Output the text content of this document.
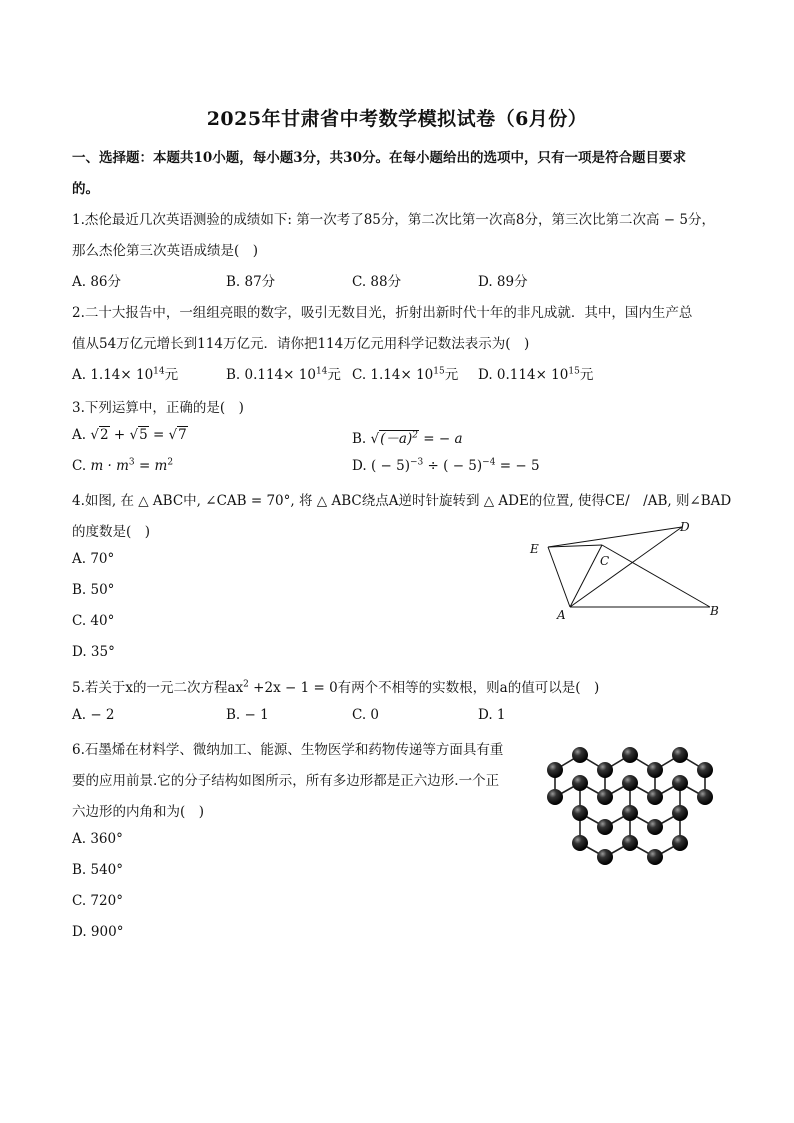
2025年甘肃省中考数学模拟试卷（6月份）
一、选择题：本题共10小题，每小题3分，共30分。在每小题给出的选项中，只有一项是符合题目要求
的。
1.杰伦最近几次英语测验的成绩如下: 第一次考了85分，第二次比第一次高8分，第三次比第二次高 − 5分，
那么杰伦第三次英语成绩是(　)
A. 86分	B. 87分	C. 88分	D. 89分
2.二十大报告中，一组组亮眼的数字，吸引无数目光，折射出新时代十年的非凡成就．其中，国内生产总
值从54万亿元增长到114万亿元．请你把114万亿元用科学记数法表示为(　)
A. $1.14\times 10^{14}$元	B. $0.114\times 10^{14}$元 C. $1.14\times 10^{15}$元 D. $0.114\times 10^{15}$元
3.下列运算中，正确的是(　)
A. √2 + √5 = √7	B. $√(-a)^2$ = − a
C. $m \cdot m^3 = m^2$	D. ( − 5)$^{-3}$ ÷ ( − 5)$^{-4}$ = − 5
4.如图, 在 △ ABC中, ∠CAB = 70°, 将 △ ABC绕点A逆时针旋转到 △ ADE的位置, 使得CE/　/AB, 则∠BAD
的度数是(　)
A. 70°
B. 50°
C. 40°
D. 35°
E
D
C
A	B
5.若关于x的一元二次方程$ax^2 +2x - 1 = 0$有两个不相等的实数根，则a的值可以是(　)
A. − 2	B. − 1	C. 0	D. 1
6.石墨烯在材料学、微纳加工、能源、生物医学和药物传递等方面具有重
要的应用前景.它的分子结构如图所示，所有多边形都是正六边形.一个正
六边形的内角和为(　)
A. 360°
B. 540°
C. 720°
D. 900°
